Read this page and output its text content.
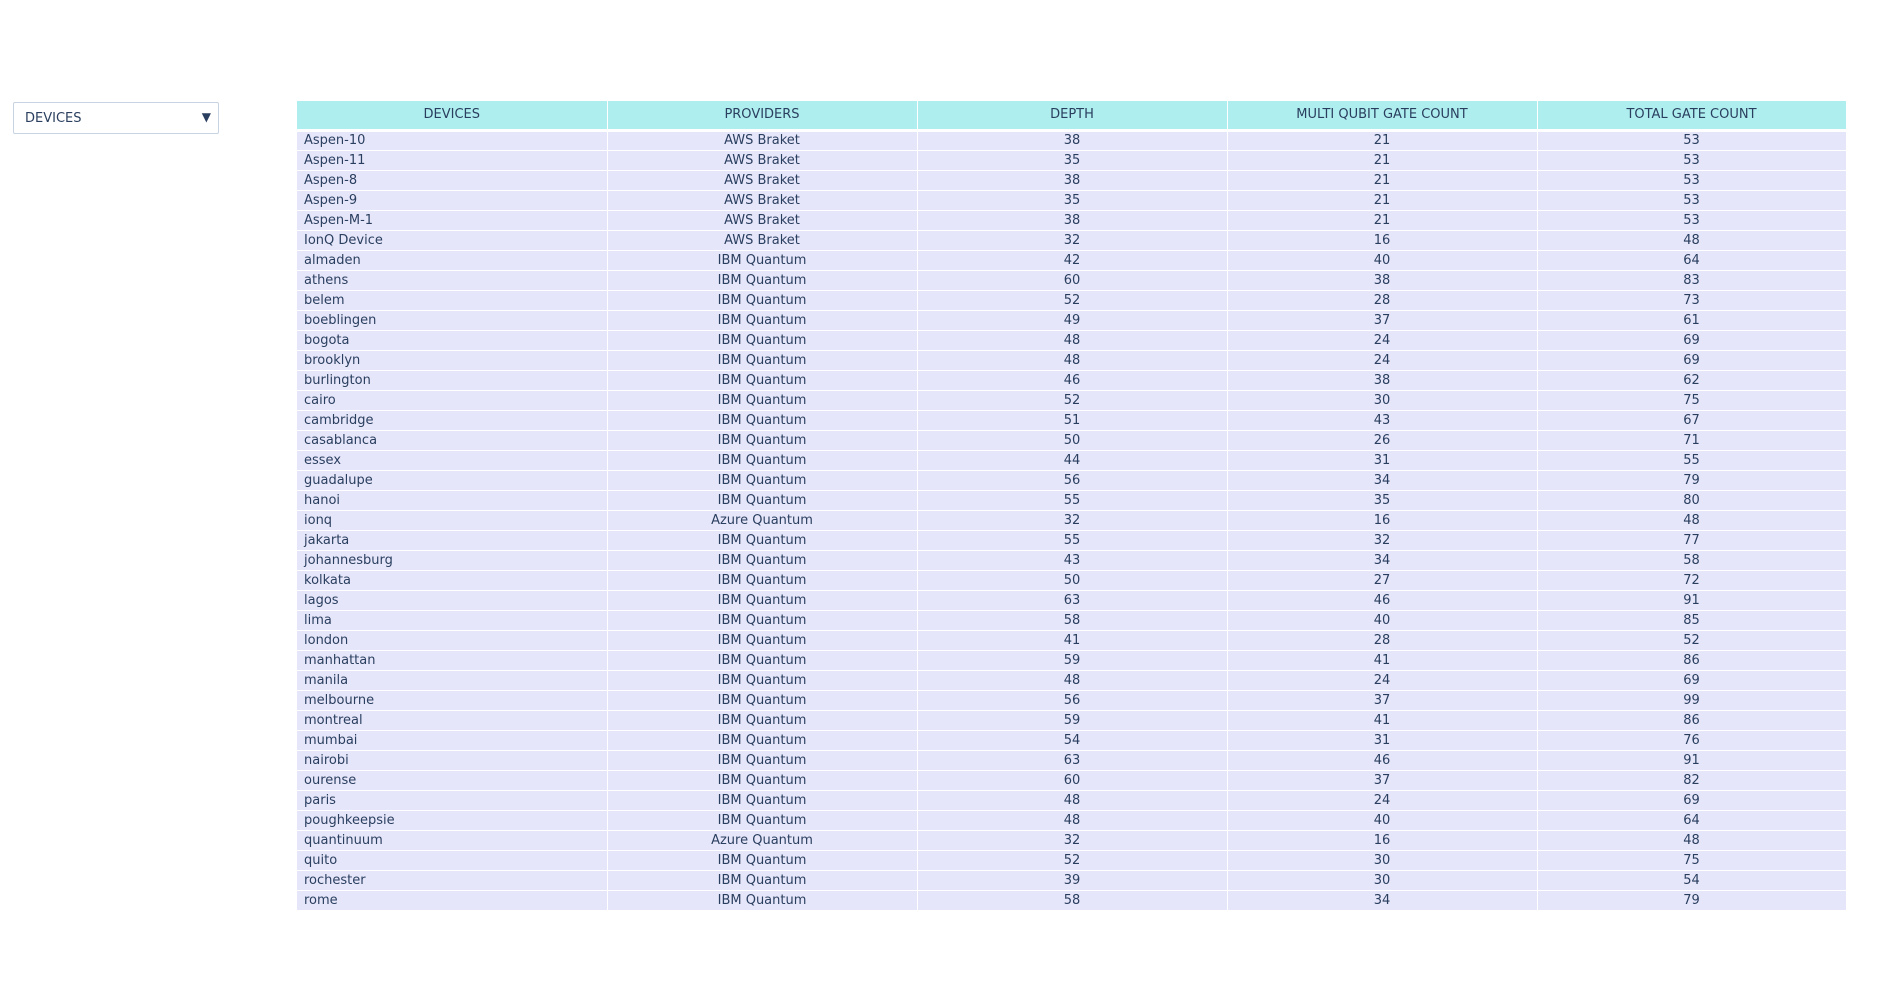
DEVICES	▼	DEVICES	PROVIDERS	DEPTH	MULTI QUBIT GATE COUNT	TOTAL GATE COUNT
Aspen-10	AWS Braket	38	21	53
Aspen-11	AWS Braket	35	21	53
Aspen-8	AWS Braket	38	21	53
Aspen-9	AWS Braket	35	21	53
Aspen-M-1	AWS Braket	38	21	53
IonQ Device	AWS Braket	32	16	48
almaden	IBM Quantum	42	40	64
athens	IBM Quantum	60	38	83
belem	IBM Quantum	52	28	73
boeblingen	IBM Quantum	49	37	61
bogota	IBM Quantum	48	24	69
brooklyn	IBM Quantum	48	24	69
burlington	IBM Quantum	46	38	62
cairo	IBM Quantum	52	30	75
cambridge	IBM Quantum	51	43	67
casablanca	IBM Quantum	50	26	71
essex	IBM Quantum	44	31	55
guadalupe	IBM Quantum	56	34	79
hanoi	IBM Quantum	55	35	80
ionq	Azure Quantum	32	16	48
jakarta	IBM Quantum	55	32	77
johannesburg	IBM Quantum	43	34	58
kolkata	IBM Quantum	50	27	72
lagos	IBM Quantum	63	46	91
lima	IBM Quantum	58	40	85
london	IBM Quantum	41	28	52
manhattan	IBM Quantum	59	41	86
manila	IBM Quantum	48	24	69
melbourne	IBM Quantum	56	37	99
montreal	IBM Quantum	59	41	86
mumbai	IBM Quantum	54	31	76
nairobi	IBM Quantum	63	46	91
ourense	IBM Quantum	60	37	82
paris	IBM Quantum	48	24	69
poughkeepsie	IBM Quantum	48	40	64
quantinuum	Azure Quantum	32	16	48
quito	IBM Quantum	52	30	75
rochester	IBM Quantum	39	30	54
rome	IBM Quantum	58	34	79
